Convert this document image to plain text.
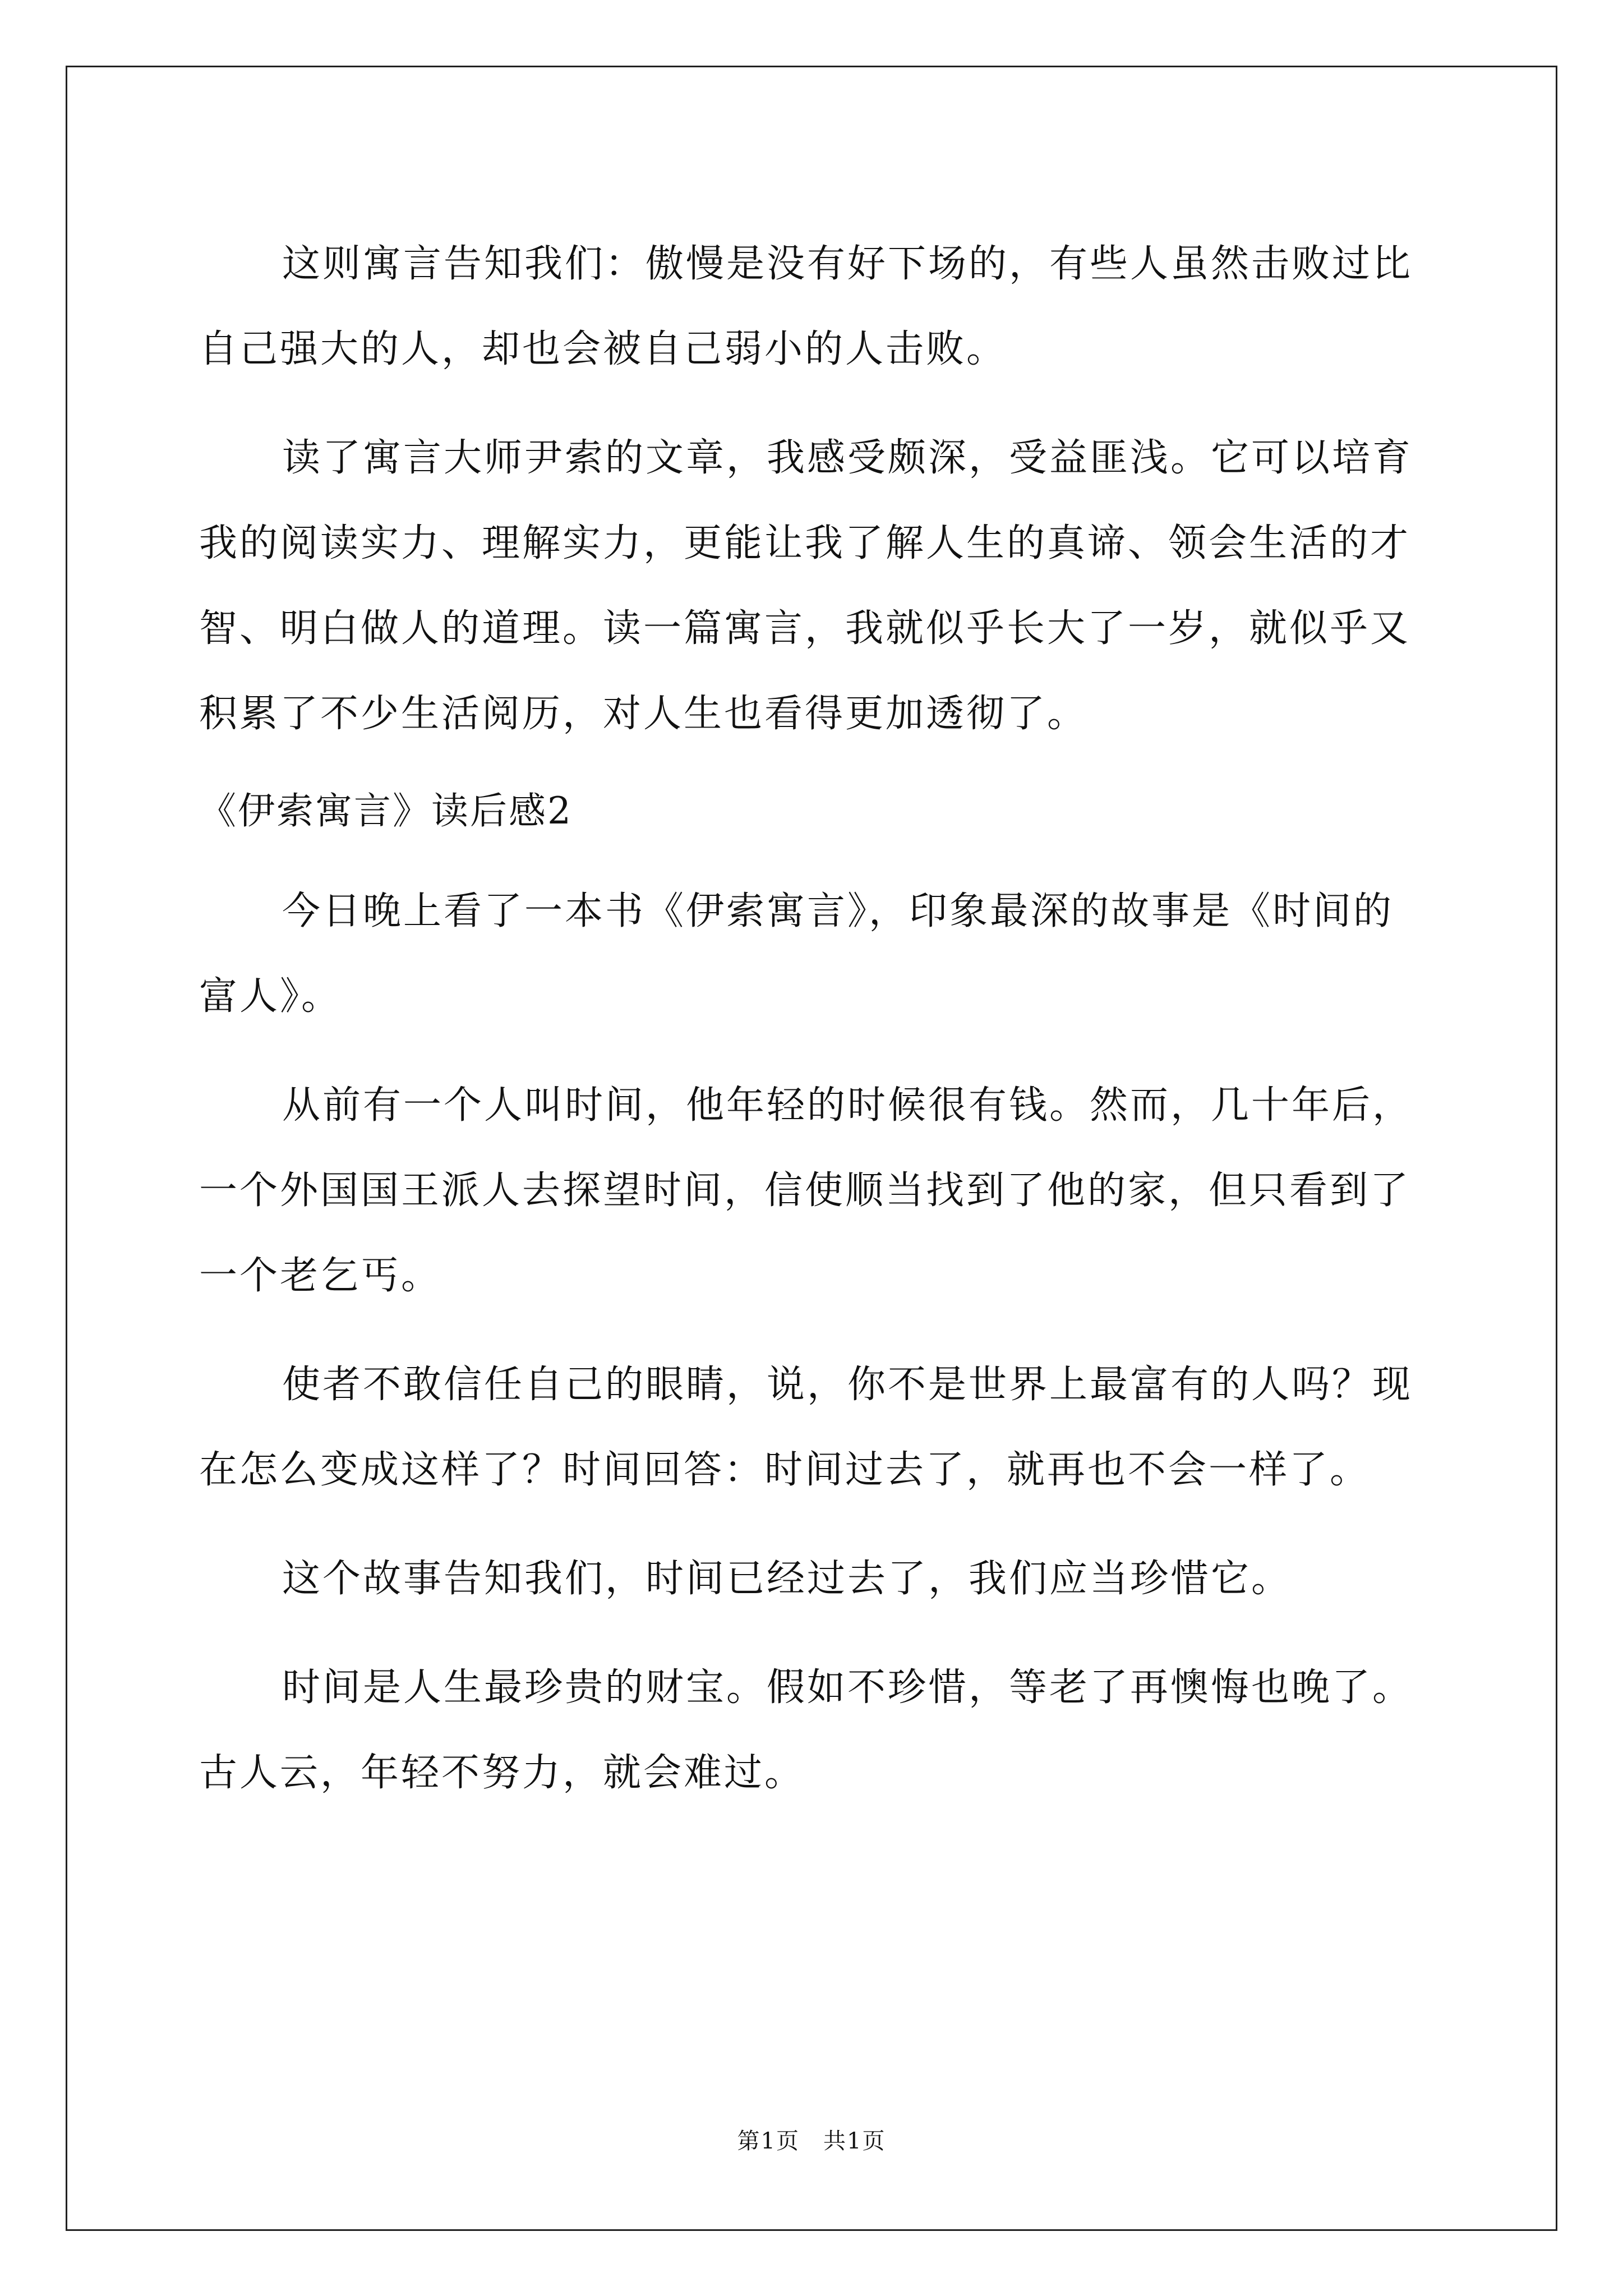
这则寓言告知我们：傲慢是没有好下场的，有些人虽然击败过比自己强大的人，却也会被自己弱小的人击败。

读了寓言大师尹索的文章，我感受颇深，受益匪浅。它可以培育我的阅读实力、理解实力，更能让我了解人生的真谛、领会生活的才智、明白做人的道理。读一篇寓言，我就似乎长大了一岁，就似乎又积累了不少生活阅历，对人生也看得更加透彻了。

《伊索寓言》读后感2

今日晚上看了一本书《伊索寓言》，印象最深的故事是《时间的富人》。

从前有一个人叫时间，他年轻的时候很有钱。然而，几十年后，一个外国国王派人去探望时间，信使顺当找到了他的家，但只看到了一个老乞丐。

使者不敢信任自己的眼睛，说，你不是世界上最富有的人吗？现在怎么变成这样了？时间回答：时间过去了，就再也不会一样了。

这个故事告知我们，时间已经过去了，我们应当珍惜它。

时间是人生最珍贵的财宝。假如不珍惜，等老了再懊悔也晚了。古人云，年轻不努力，就会难过。

第1页　共1页
